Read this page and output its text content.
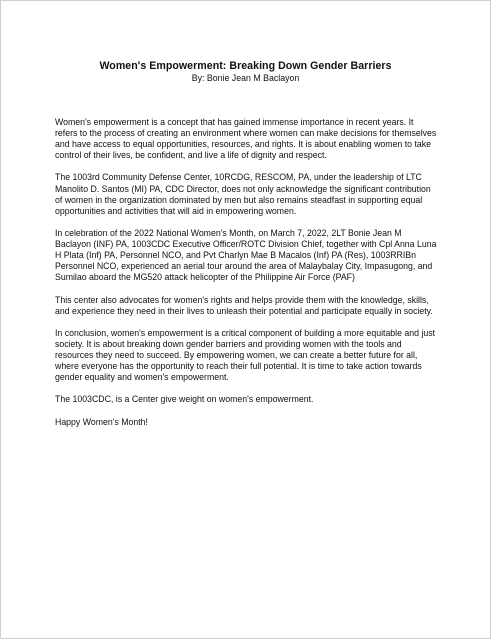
Women's Empowerment: Breaking Down Gender Barriers
By: Bonie Jean M Baclayon

Women's empowerment is a concept that has gained immense importance in recent years. It refers to the process of creating an environment where women can make decisions for themselves and have access to equal opportunities, resources, and rights. It is about enabling women to take control of their lives, be confident, and live a life of dignity and respect.

The 1003rd Community Defense Center, 10RCDG, RESCOM, PA, under the leadership of LTC Manolito D. Santos (MI) PA, CDC Director, does not only acknowledge the significant contribution of women in the organization dominated by men but also remains steadfast in supporting equal opportunities and activities that will aid in empowering women.

In celebration of the 2022 National Women's Month, on March 7, 2022, 2LT Bonie Jean M Baclayon (INF) PA, 1003CDC Executive Officer/ROTC Division Chief, together with Cpl Anna Luna H Plata (Inf) PA, Personnel NCO, and Pvt Charlyn Mae B Macalos (Inf) PA (Res), 1003RRIBn Personnel NCO, experienced an aerial tour around the area of Malaybalay City, Impasugong, and Sumilao aboard the MG520 attack helicopter of the Philippine Air Force (PAF)

This center also advocates for women's rights and helps provide them with the knowledge, skills, and experience they need in their lives to unleash their potential and participate equally in society.

In conclusion, women's empowerment is a critical component of building a more equitable and just society. It is about breaking down gender barriers and providing women with the tools and resources they need to succeed. By empowering women, we can create a better future for all, where everyone has the opportunity to reach their full potential. It is time to take action towards gender equality and women's empowerment.

The 1003CDC, is a Center give weight on women's empowerment.

Happy Women's Month!
